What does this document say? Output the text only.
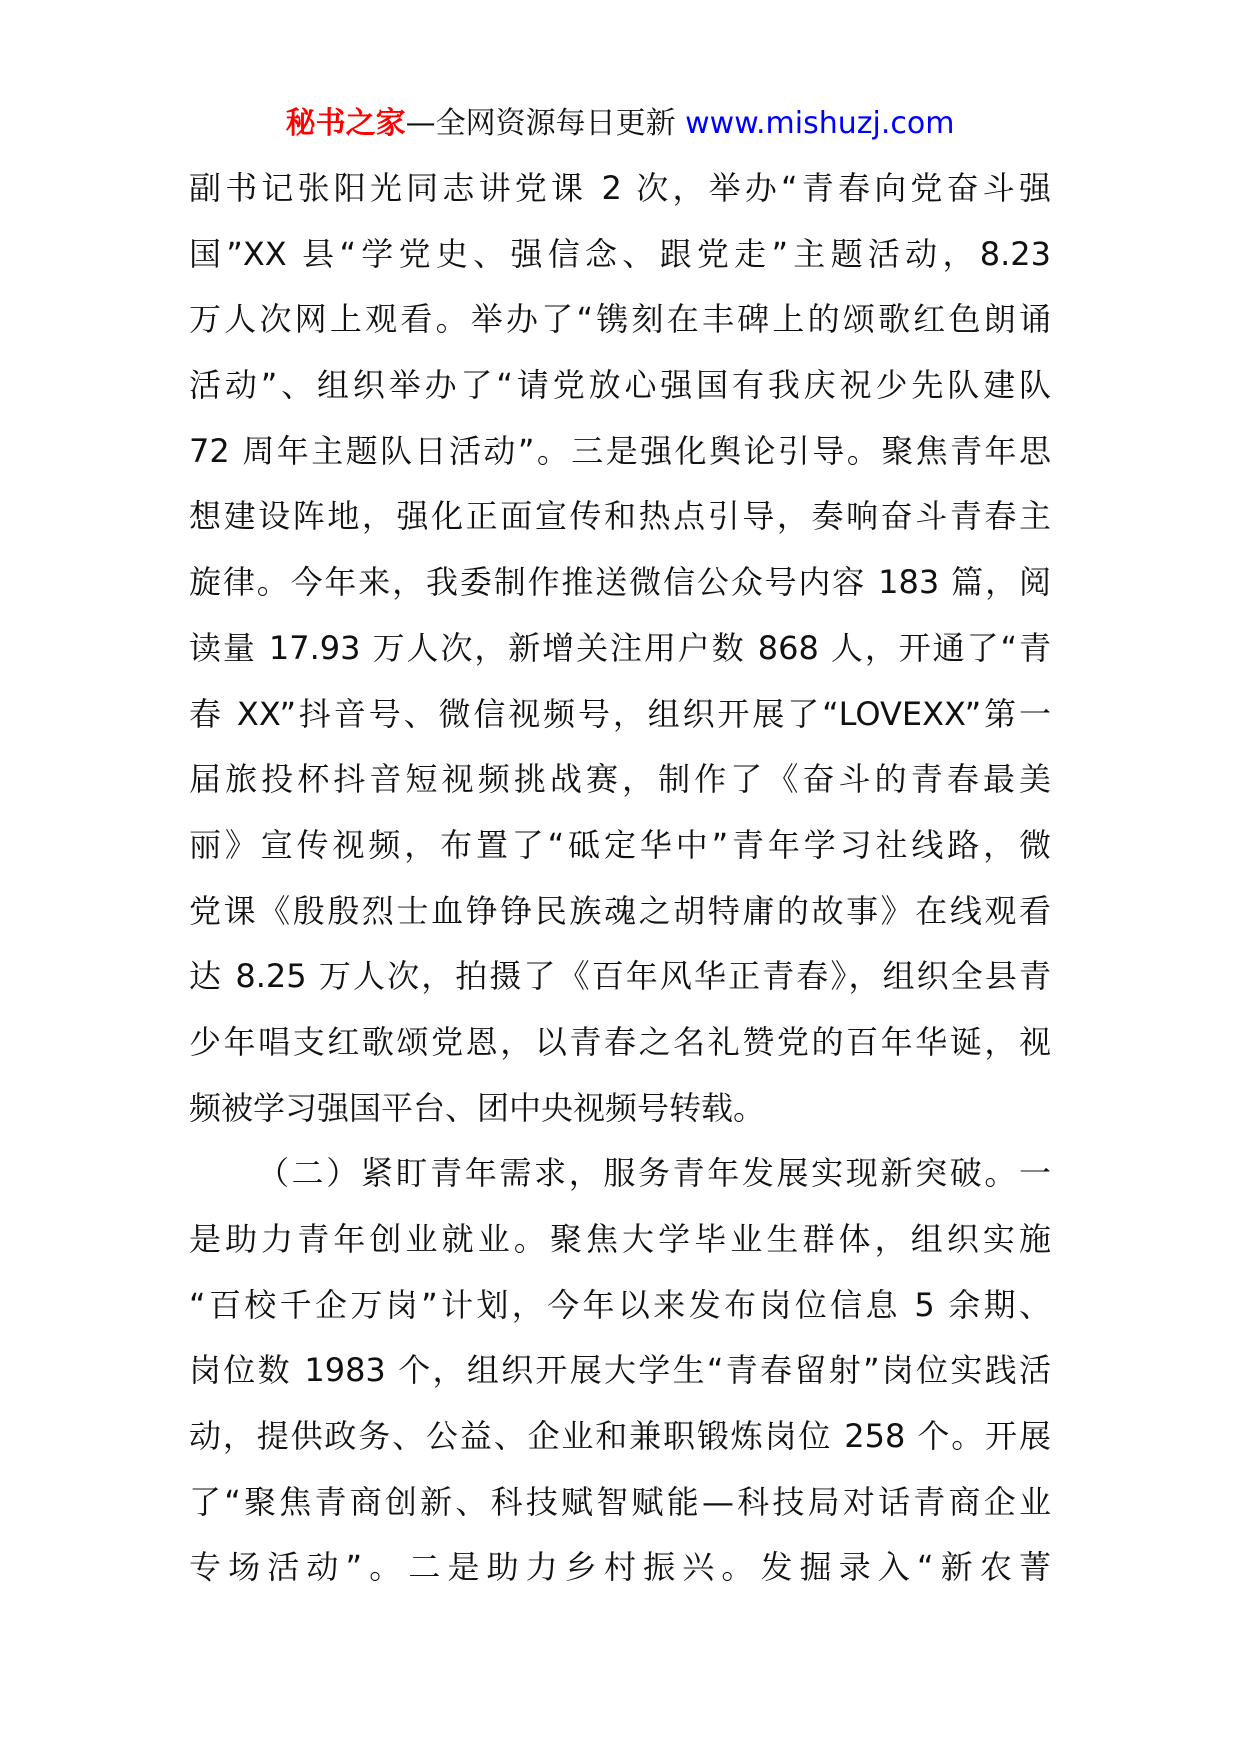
秘书之家—全网资源每日更新 www.mishuzj.com
副书记张阳光同志讲党课 2 次，举办“青春向党奋斗强
国”XX 县“学党史、强信念、跟党走”主题活动，8.23
万人次网上观看。举办了“镌刻在丰碑上的颂歌红色朗诵
活动”、组织举办了“请党放心强国有我庆祝少先队建队
72 周年主题队日活动”。三是强化舆论引导。聚焦青年思
想建设阵地，强化正面宣传和热点引导，奏响奋斗青春主
旋律。今年来，我委制作推送微信公众号内容 183 篇，阅
读量 17.93 万人次，新增关注用户数 868 人，开通了“青
春 XX”抖音号、微信视频号，组织开展了“LOVEXX”第一
届旅投杯抖音短视频挑战赛，制作了《奋斗的青春最美
丽》宣传视频，布置了“砥定华中”青年学习社线路，微
党课《殷殷烈士血铮铮民族魂之胡特庸的故事》在线观看
达 8.25 万人次，拍摄了《百年风华正青春》，组织全县青
少年唱支红歌颂党恩，以青春之名礼赞党的百年华诞，视
频被学习强国平台、团中央视频号转载。
（二）紧盯青年需求，服务青年发展实现新突破。一
是助力青年创业就业。聚焦大学毕业生群体，组织实施
“百校千企万岗”计划，今年以来发布岗位信息 5 余期、
岗位数 1983 个，组织开展大学生“青春留射”岗位实践活
动，提供政务、公益、企业和兼职锻炼岗位 258 个。开展
了“聚焦青商创新、科技赋智赋能—科技局对话青商企业
专场活动”。二是助力乡村振兴。发掘录入“新农菁
